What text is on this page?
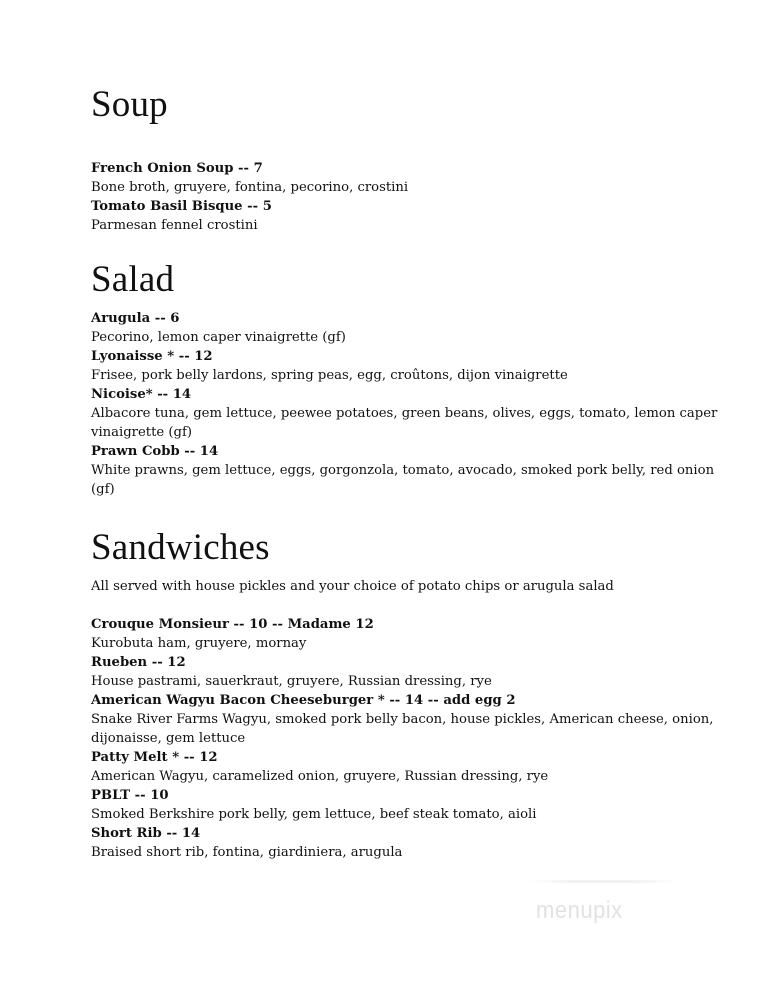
Soup
French Onion Soup -- 7
Bone broth, gruyere, fontina, pecorino, crostini
Tomato Basil Bisque -- 5
Parmesan fennel crostini
Salad
Arugula -- 6
Pecorino, lemon caper vinaigrette (gf)
Lyonaisse * -- 12
Frisee, pork belly lardons, spring peas, egg, croûtons, dijon vinaigrette
Nicoise* -- 14
Albacore tuna, gem lettuce, peewee potatoes, green beans, olives, eggs, tomato, lemon caper vinaigrette (gf)
Prawn Cobb -- 14
White prawns, gem lettuce, eggs, gorgonzola, tomato, avocado, smoked pork belly, red onion (gf)
Sandwiches

All served with house pickles and your choice of potato chips or arugula salad

Crouque Monsieur -- 10 -- Madame 12
Kurobuta ham, gruyere, mornay
Rueben -- 12
House pastrami, sauerkraut, gruyere, Russian dressing, rye
American Wagyu Bacon Cheeseburger * -- 14 -- add egg 2
Snake River Farms Wagyu, smoked pork belly bacon, house pickles, American cheese, onion, dijonaisse, gem lettuce
Patty Melt * -- 12
American Wagyu, caramelized onion, gruyere, Russian dressing, rye
PBLT -- 10
Smoked Berkshire pork belly, gem lettuce, beef steak tomato, aioli
Short Rib -- 14
Braised short rib, fontina, giardiniera, arugula
menupix
